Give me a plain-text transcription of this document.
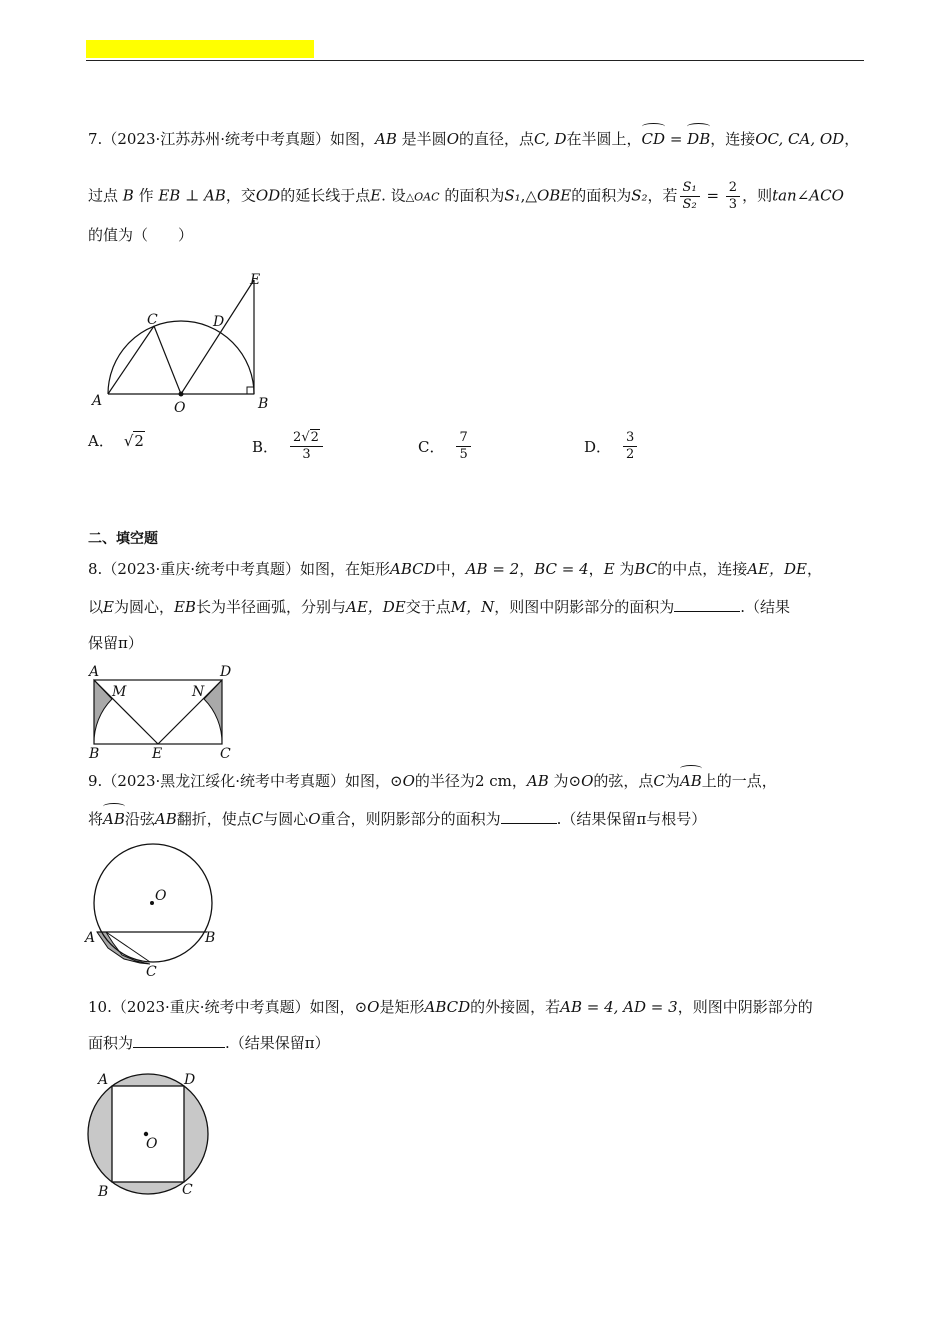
7.（2023·江苏苏州·统考中考真题）如图，AB 是半圆O的直径，点C, D在半圆上，CD = DB，连接OC, CA, OD，
过点 B 作 EB ⊥ AB，交OD的延长线于点E. 设△OAC 的面积为S₁,△OBE的面积为S₂，若 $\frac{\text{S₁}}{\text{S₂}} = \frac{2}{3}$ ，则tan∠ACO
的值为（　　）
A	B
C	D
E
O
A． √ 2	B． $\frac{2√2}{3}$	C． $\frac{7}{5}$	D． $\frac{3}{2}$
二、填空题
8.（2023·重庆·统考中考真题）如图，在矩形ABCD中，AB = 2，BC = 4，E 为BC的中点，连接AE，DE，
以E为圆心，EB长为半径画弧，分别与AE，DE交于点M，N，则图中阴影部分的面积为	.（结果
保留π）
A	D
B	C
E
M	N
9.（2023·黑龙江绥化·统考中考真题）如图，⊙O的半径为2 cm，AB 为⊙O的弦，点C为AB上的一点，
将AB沿弦AB翻折，使点C与圆心O重合，则阴影部分的面积为	.（结果保留π与根号）
O
A	B
C
10.（2023·重庆·统考中考真题）如图，⊙O是矩形ABCD的外接圆，若AB = 4, AD = 3，则图中阴影部分的
面积为	.（结果保留π）
A	D
B	C
O
